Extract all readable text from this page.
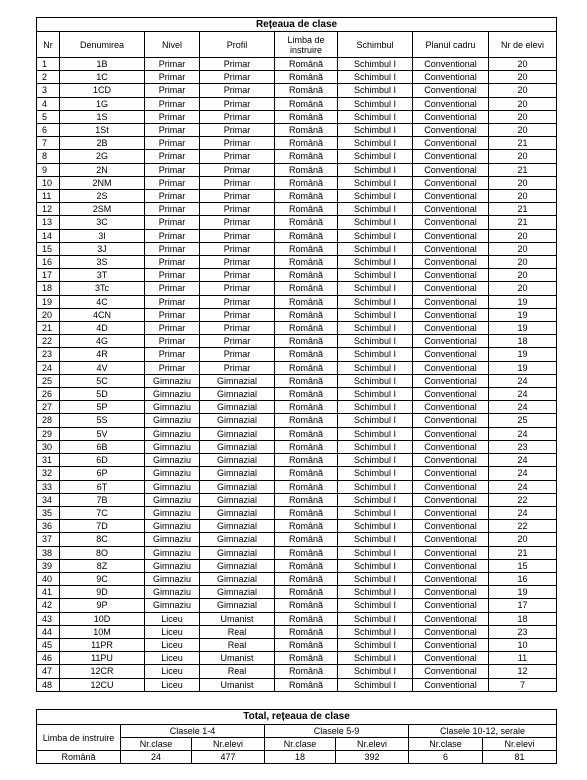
Rețeaua de clase							
Nr	Denumirea	Nivel	Profil	Limba de instruire	Schimbul	Planul cadru	Nr de elevi
1	1B	Primar	Primar	Română	Schimbul I	Conventional	20
2	1C	Primar	Primar	Română	Schimbul I	Conventional	20
3	1CD	Primar	Primar	Română	Schimbul I	Conventional	20
4	1G	Primar	Primar	Română	Schimbul I	Conventional	20
5	1S	Primar	Primar	Română	Schimbul I	Conventional	20
6	1St	Primar	Primar	Română	Schimbul I	Conventional	20
7	2B	Primar	Primar	Română	Schimbul I	Conventional	21
8	2G	Primar	Primar	Română	Schimbul I	Conventional	20
9	2N	Primar	Primar	Română	Schimbul I	Conventional	21
10	2NM	Primar	Primar	Română	Schimbul I	Conventional	20
11	2S	Primar	Primar	Română	Schimbul I	Conventional	20
12	2SM	Primar	Primar	Română	Schimbul I	Conventional	21
13	3C	Primar	Primar	Română	Schimbul I	Conventional	21
14	3I	Primar	Primar	Română	Schimbul I	Conventional	20
15	3J	Primar	Primar	Română	Schimbul I	Conventional	20
16	3S	Primar	Primar	Română	Schimbul I	Conventional	20
17	3T	Primar	Primar	Română	Schimbul I	Conventional	20
18	3Tc	Primar	Primar	Română	Schimbul I	Conventional	20
19	4C	Primar	Primar	Română	Schimbul I	Conventional	19
20	4CN	Primar	Primar	Română	Schimbul I	Conventional	19
21	4D	Primar	Primar	Română	Schimbul I	Conventional	19
22	4G	Primar	Primar	Română	Schimbul I	Conventional	18
23	4R	Primar	Primar	Română	Schimbul I	Conventional	19
24	4V	Primar	Primar	Română	Schimbul I	Conventional	19
25	5C	Gimnaziu	Gimnazial	Română	Schimbul I	Conventional	24
26	5D	Gimnaziu	Gimnazial	Română	Schimbul I	Conventional	24
27	5P	Gimnaziu	Gimnazial	Română	Schimbul I	Conventional	24
28	5S	Gimnaziu	Gimnazial	Română	Schimbul I	Conventional	25
29	5V	Gimnaziu	Gimnazial	Română	Schimbul I	Conventional	24
30	6B	Gimnaziu	Gimnazial	Română	Schimbul I	Conventional	23
31	6D	Gimnaziu	Gimnazial	Română	Schimbul I	Conventional	24
32	6P	Gimnaziu	Gimnazial	Română	Schimbul I	Conventional	24
33	6Ț	Gimnaziu	Gimnazial	Română	Schimbul I	Conventional	24
34	7B	Gimnaziu	Gimnazial	Română	Schimbul I	Conventional	22
35	7C	Gimnaziu	Gimnazial	Română	Schimbul I	Conventional	24
36	7D	Gimnaziu	Gimnazial	Română	Schimbul I	Conventional	22
37	8C	Gimnaziu	Gimnazial	Română	Schimbul I	Conventional	20
38	8O	Gimnaziu	Gimnazial	Română	Schimbul I	Conventional	21
39	8Z	Gimnaziu	Gimnazial	Română	Schimbul I	Conventional	15
40	9C	Gimnaziu	Gimnazial	Română	Schimbul I	Conventional	16
41	9D	Gimnaziu	Gimnazial	Română	Schimbul I	Conventional	19
42	9P	Gimnaziu	Gimnazial	Română	Schimbul I	Conventional	17
43	10D	Liceu	Umanist	Română	Schimbul I	Conventional	18
44	10M	Liceu	Real	Română	Schimbul I	Conventional	23
45	11PR	Liceu	Real	Română	Schimbul I	Conventional	10
46	11PU	Liceu	Umanist	Română	Schimbul I	Conventional	11
47	12CR	Liceu	Real	Română	Schimbul I	Conventional	12
48	12CU	Liceu	Umanist	Română	Schimbul I	Conventional	7
Total, rețeaua de clase						
Limba de instruire	Clasele 1-4		Clasele 5-9		Clasele 10-12, serale	
	Nr.clase	Nr.elevi	Nr.clase	Nr.elevi	Nr.clase	Nr.elevi
Română	24	477	18	392	6	81
